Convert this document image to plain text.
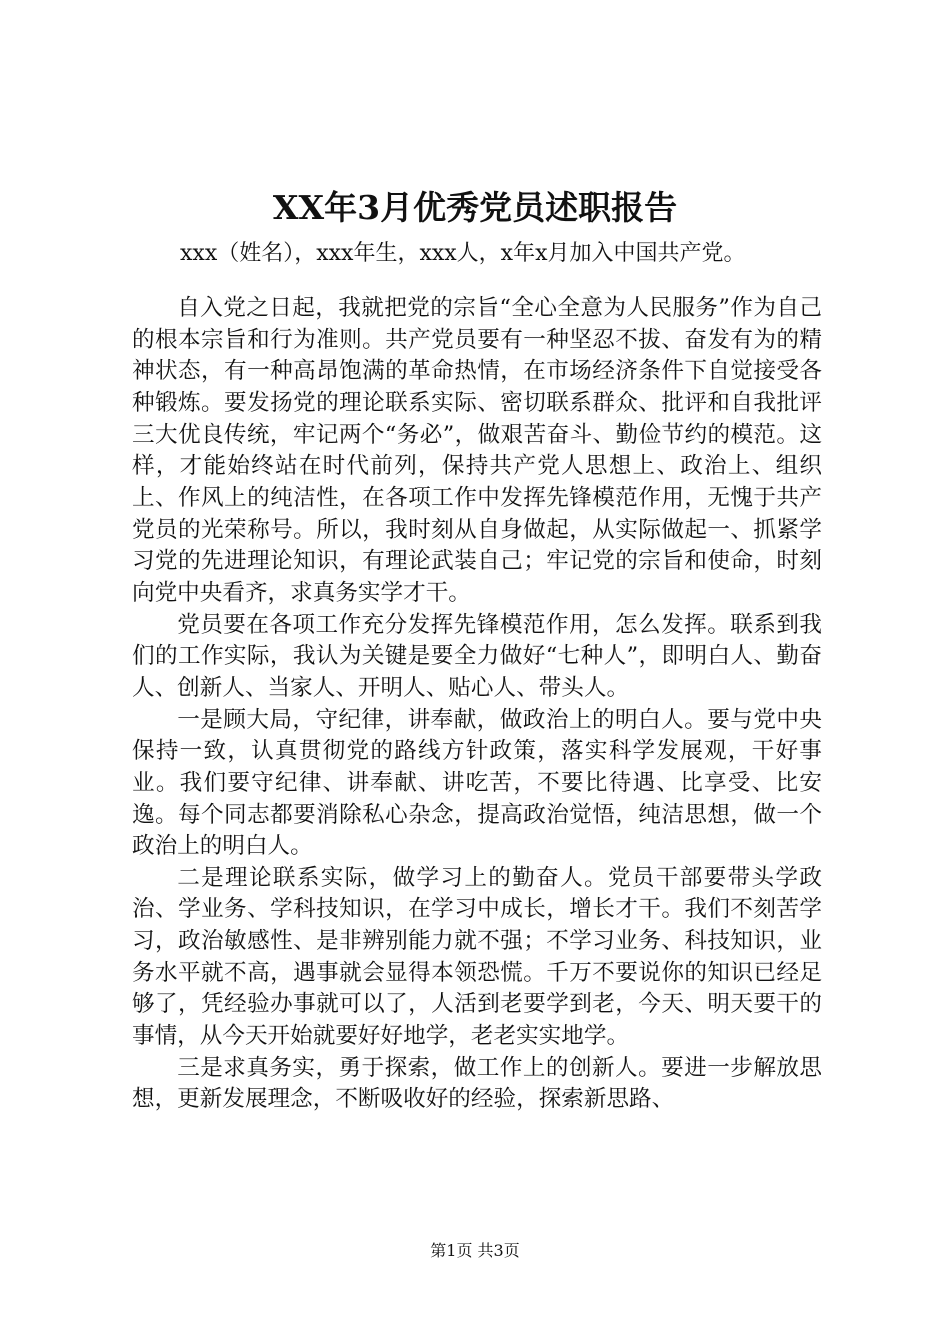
XX年3月优秀党员述职报告
xxx（姓名），xxx年生，xxx人，x年x月加入中国共产党。

自入党之日起，我就把党的宗旨“全心全意为人民服务”作为自己的根本宗旨和行为准则。共产党员要有一种坚忍不拔、奋发有为的精神状态，有一种高昂饱满的革命热情，在市场经济条件下自觉接受各种锻炼。要发扬党的理论联系实际、密切联系群众、批评和自我批评三大优良传统，牢记两个“务必”，做艰苦奋斗、勤俭节约的模范。这样，才能始终站在时代前列，保持共产党人思想上、政治上、组织上、作风上的纯洁性，在各项工作中发挥先锋模范作用，无愧于共产党员的光荣称号。所以，我时刻从自身做起，从实际做起一、抓紧学习党的先进理论知识，有理论武装自己；牢记党的宗旨和使命，时刻向党中央看齐，求真务实学才干。

党员要在各项工作充分发挥先锋模范作用，怎么发挥。联系到我们的工作实际，我认为关键是要全力做好“七种人”，即明白人、勤奋人、创新人、当家人、开明人、贴心人、带头人。

一是顾大局，守纪律，讲奉献，做政治上的明白人。要与党中央保持一致，认真贯彻党的路线方针政策，落实科学发展观，干好事业。我们要守纪律、讲奉献、讲吃苦，不要比待遇、比享受、比安逸。每个同志都要消除私心杂念，提高政治觉悟，纯洁思想，做一个政治上的明白人。

二是理论联系实际，做学习上的勤奋人。党员干部要带头学政治、学业务、学科技知识，在学习中成长，增长才干。我们不刻苦学习，政治敏感性、是非辨别能力就不强；不学习业务、科技知识，业务水平就不高，遇事就会显得本领恐慌。千万不要说你的知识已经足够了，凭经验办事就可以了，人活到老要学到老，今天、明天要干的事情，从今天开始就要好好地学，老老实实地学。

三是求真务实，勇于探索，做工作上的创新人。要进一步解放思想，更新发展理念，不断吸收好的经验，探索新思路、

第1页 共3页
